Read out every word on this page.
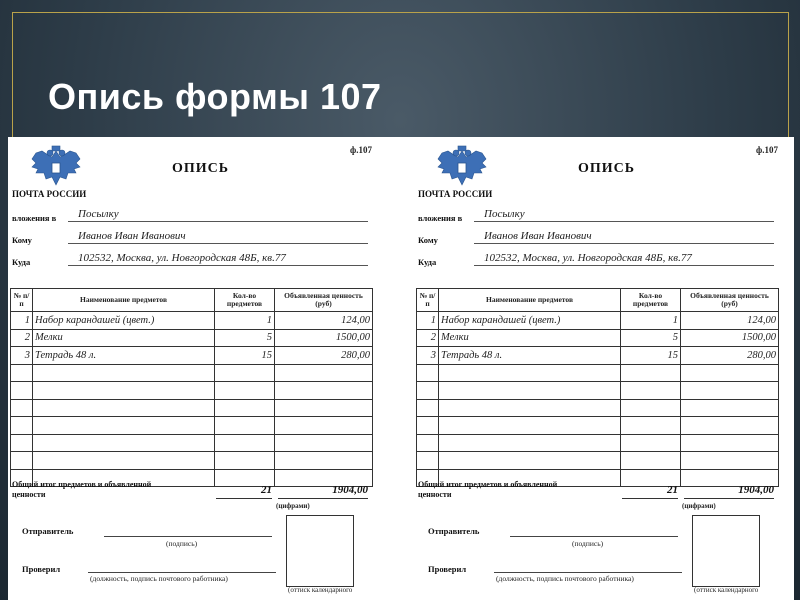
Опись формы 107
ф.107
ОПИСЬ
ПОЧТА РОССИИ
вложения в Посылку
Кому	Иванов Иван Иванович
Куда	102532, Москва, ул. Новгородская 48Б, кв.77
№ п/п	Наименование предметов	Кол-во предметов	Объявленная ценность (руб)
1	Набор карандашей (цвет.)	1	124,00
2	Мелки	5	1500,00
3	Тетрадь 48 л.	15	280,00

Общий итог предметов и объявленной ценности	21	1904,00
(цифрами)
Отправитель
(подпись)
Проверил
(должность, подпись почтового работника)
(оттиск календарного
ф.107
ОПИСЬ
ПОЧТА РОССИИ
вложения в Посылку
Кому	Иванов Иван Иванович
Куда	102532, Москва, ул. Новгородская 48Б, кв.77
№ п/п	Наименование предметов	Кол-во предметов	Объявленная ценность (руб)
1	Набор карандашей (цвет.)	1	124,00
2	Мелки	5	1500,00
3	Тетрадь 48 л.	15	280,00

Общий итог предметов и объявленной ценности	21	1904,00
(цифрами)
Отправитель
(подпись)
Проверил
(должность, подпись почтового работника)
(оттиск календарного
